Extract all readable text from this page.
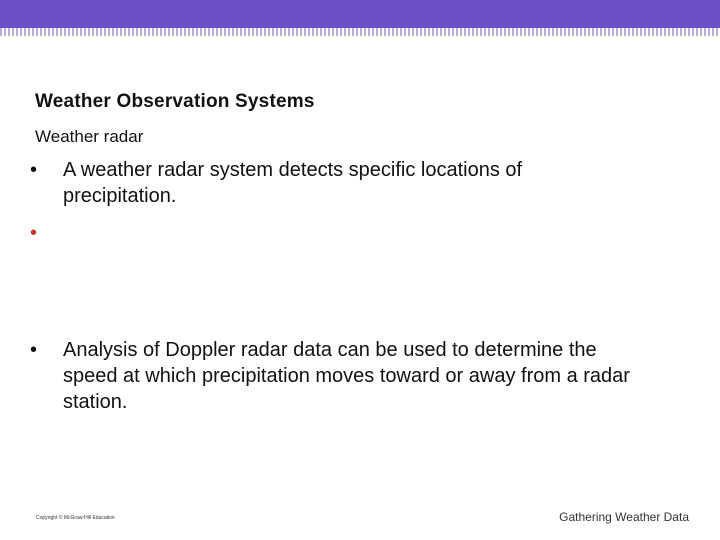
Weather Observation Systems
Weather radar
•	A weather radar system detects specific locations of precipitation.
•
•	Analysis of Doppler radar data can be used to determine the speed at which precipitation moves toward or away from a radar station.
Copyright © McGraw-Hill Education	Gathering Weather Data
